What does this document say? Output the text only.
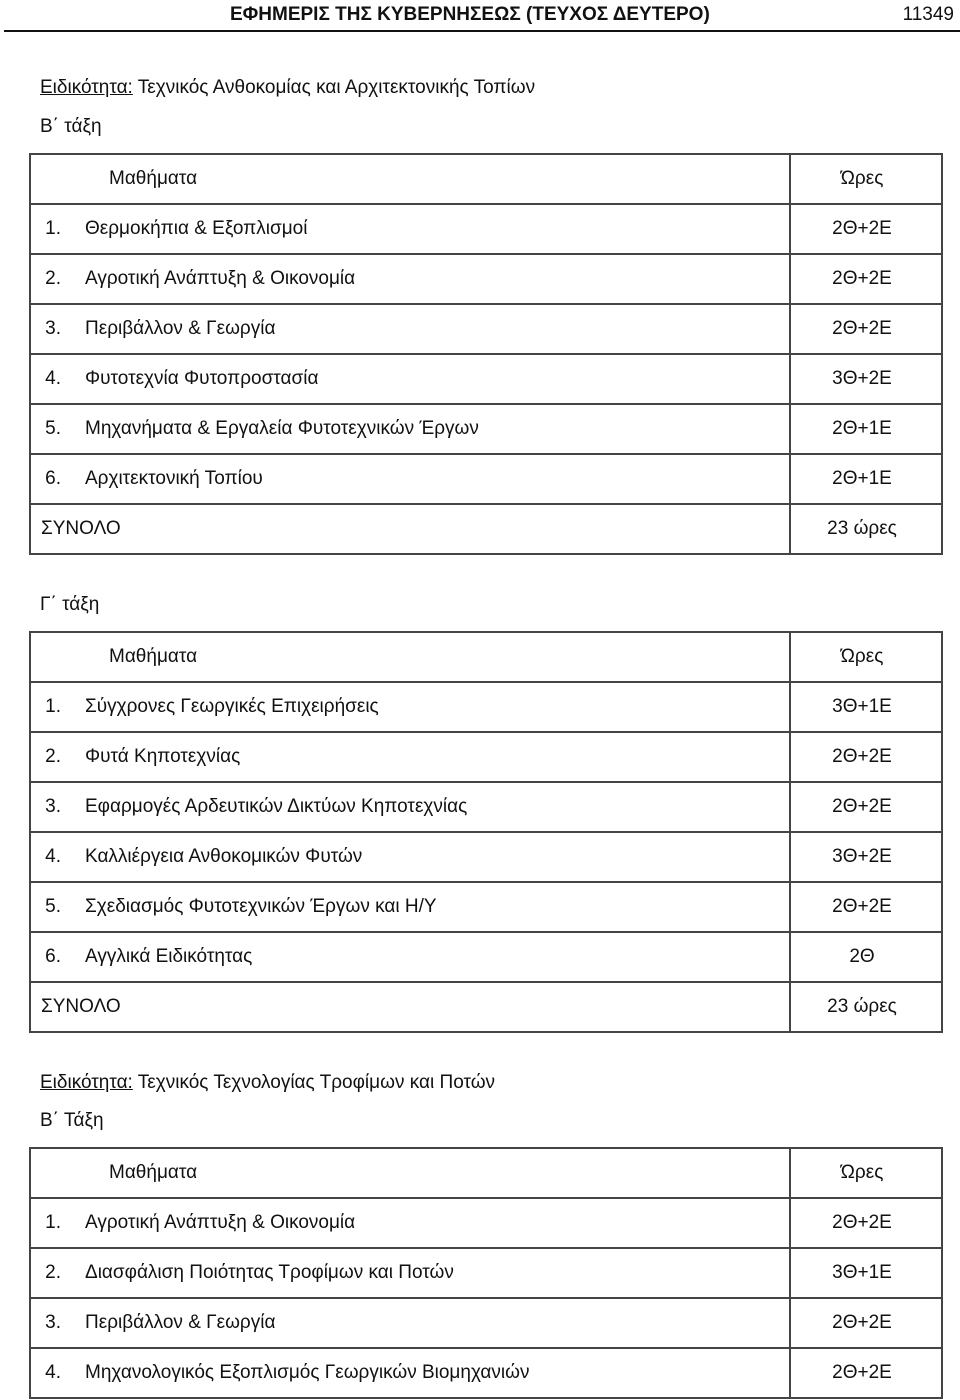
ΕΦΗΜΕΡΙΣ ΤΗΣ ΚΥΒΕΡΝΗΣΕΩΣ (ΤΕΥΧΟΣ ΔΕΥΤΕΡΟ)	11349
Ειδικότητα: Τεχνικός Ανθοκομίας και Αρχιτεκτονικής Τοπίων
Β΄ τάξη
Μαθήματα	Ώρες
1. Θερμοκήπια & Εξοπλισμοί	2Θ+2Ε
2. Αγροτική Ανάπτυξη & Οικονομία	2Θ+2Ε
3. Περιβάλλον & Γεωργία	2Θ+2Ε
4. Φυτοτεχνία Φυτοπροστασία	3Θ+2Ε
5. Μηχανήματα & Εργαλεία Φυτοτεχνικών Έργων	2Θ+1Ε
6. Αρχιτεκτονική Τοπίου	2Θ+1Ε
ΣΥΝΟΛΟ	23 ώρες
Γ΄ τάξη
Μαθήματα	Ώρες
1. Σύγχρονες Γεωργικές Επιχειρήσεις	3Θ+1Ε
2. Φυτά Κηποτεχνίας	2Θ+2Ε
3. Εφαρμογές Αρδευτικών Δικτύων Κηποτεχνίας	2Θ+2Ε
4. Καλλιέργεια Ανθοκομικών Φυτών	3Θ+2Ε
5. Σχεδιασμός Φυτοτεχνικών Έργων και Η/Υ	2Θ+2Ε
6. Αγγλικά Ειδικότητας	2Θ
ΣΥΝΟΛΟ	23 ώρες
Ειδικότητα: Τεχνικός Τεχνολογίας Τροφίμων και Ποτών
Β΄ Τάξη
Μαθήματα	Ώρες
1. Αγροτική Ανάπτυξη & Οικονομία	2Θ+2Ε
2. Διασφάλιση Ποιότητας Τροφίμων και Ποτών	3Θ+1Ε
3. Περιβάλλον & Γεωργία	2Θ+2Ε
4. Μηχανολογικός Εξοπλισμός Γεωργικών Βιομηχανιών	2Θ+2Ε
